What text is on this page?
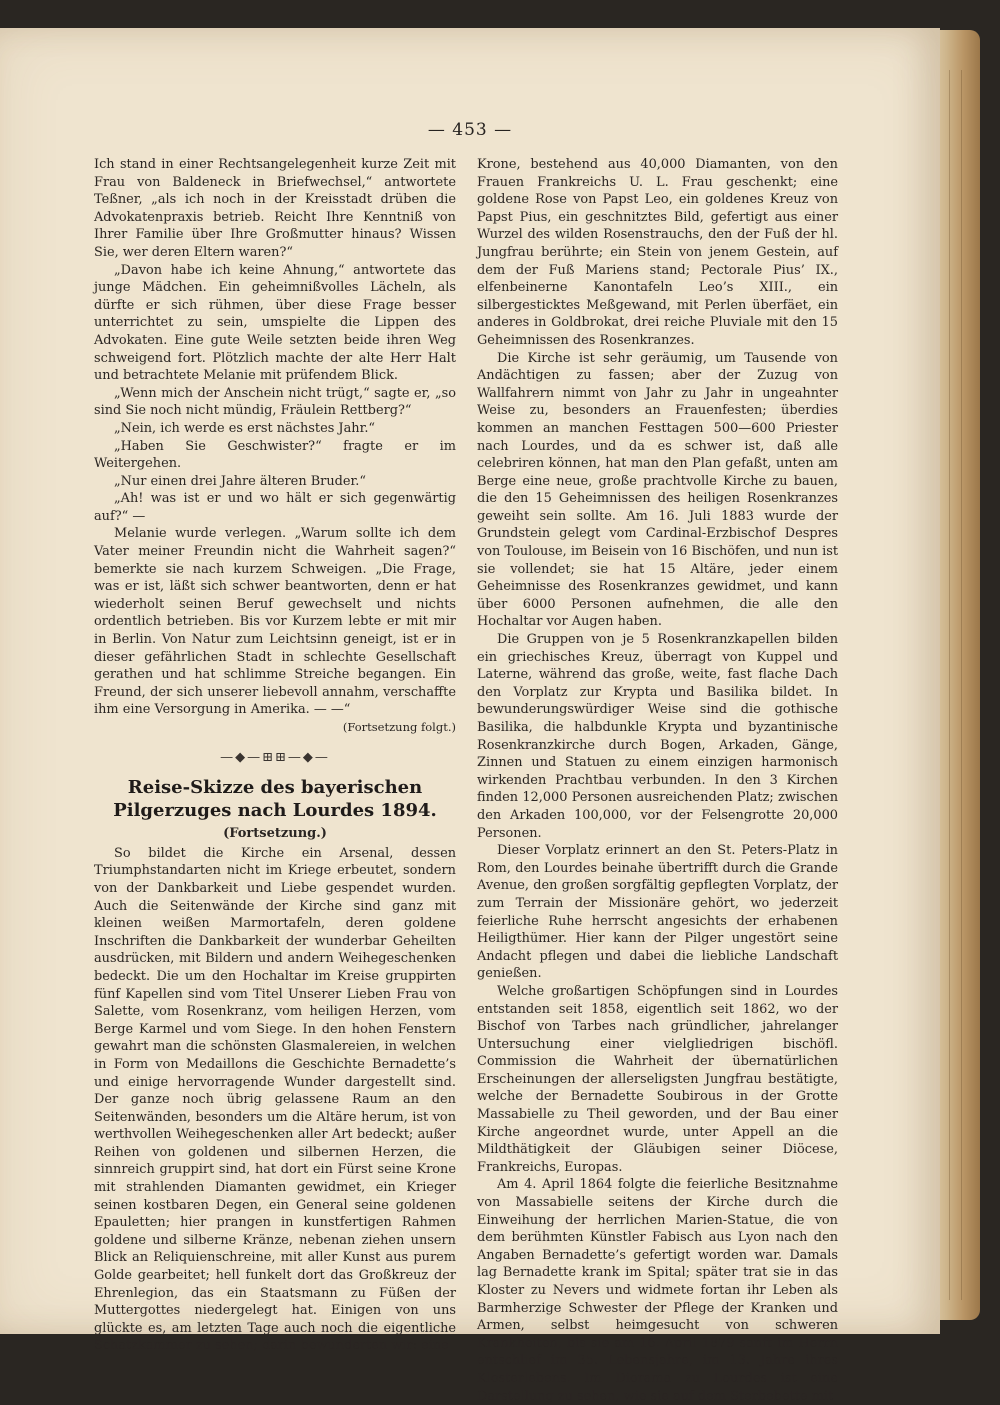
— 453 —

Ich stand in einer Rechtsangelegenheit kurze Zeit mit Frau von Baldeneck in Briefwechsel,“ antwortete Teßner, „als ich noch in der Kreisstadt drüben die Advokatenpraxis betrieb. Reicht Ihre Kenntniß von Ihrer Familie über Ihre Großmutter hinaus? Wissen Sie, wer deren Eltern waren?“

„Davon habe ich keine Ahnung,“ antwortete das junge Mädchen. Ein geheimnißvolles Lächeln, als dürfte er sich rühmen, über diese Frage besser unterrichtet zu sein, umspielte die Lippen des Advokaten. Eine gute Weile setzten beide ihren Weg schweigend fort. Plötzlich machte der alte Herr Halt und betrachtete Melanie mit prüfendem Blick.

„Wenn mich der Anschein nicht trügt,“ sagte er, „so sind Sie noch nicht mündig, Fräulein Rettberg?“

„Nein, ich werde es erst nächstes Jahr.“

„Haben Sie Geschwister?“ fragte er im Weitergehen.

„Nur einen drei Jahre älteren Bruder.“

„Ah! was ist er und wo hält er sich gegenwärtig auf?“ —

Melanie wurde verlegen. „Warum sollte ich dem Vater meiner Freundin nicht die Wahrheit sagen?“ bemerkte sie nach kurzem Schweigen. „Die Frage, was er ist, läßt sich schwer beantworten, denn er hat wiederholt seinen Beruf gewechselt und nichts ordentlich betrieben. Bis vor Kurzem lebte er mit mir in Berlin. Von Natur zum Leichtsinn geneigt, ist er in dieser gefährlichen Stadt in schlechte Gesellschaft gerathen und hat schlimme Streiche begangen. Ein Freund, der sich unserer liebevoll annahm, verschaffte ihm eine Versorgung in Amerika. — —“
(Fortsetzung folgt.)

—◆—⊞⊞—◆—
Reise-Skizze des bayerischen Pilgerzuges nach Lourdes 1894.
(Fortsetzung.)

So bildet die Kirche ein Arsenal, dessen Triumphstandarten nicht im Kriege erbeutet, sondern von der Dankbarkeit und Liebe gespendet wurden. Auch die Seitenwände der Kirche sind ganz mit kleinen weißen Marmortafeln, deren goldene Inschriften die Dankbarkeit der wunderbar Geheilten ausdrücken, mit Bildern und andern Weihegeschenken bedeckt. Die um den Hochaltar im Kreise gruppirten fünf Kapellen sind vom Titel Unserer Lieben Frau von Salette, vom Rosenkranz, vom heiligen Herzen, vom Berge Karmel und vom Siege. In den hohen Fenstern gewahrt man die schönsten Glasmalereien, in welchen in Form von Medaillons die Geschichte Bernadette’s und einige hervorragende Wunder dargestellt sind. Der ganze noch übrig gelassene Raum an den Seitenwänden, besonders um die Altäre herum, ist von werthvollen Weihegeschenken aller Art bedeckt; außer Reihen von goldenen und silbernen Herzen, die sinnreich gruppirt sind, hat dort ein Fürst seine Krone mit strahlenden Diamanten gewidmet, ein Krieger seinen kostbaren Degen, ein General seine goldenen Epauletten; hier prangen in kunstfertigen Rahmen goldene und silberne Kränze, nebenan ziehen unsern Blick an Reliquienschreine, mit aller Kunst aus purem Golde gearbeitet; hell funkelt dort das Großkreuz der Ehrenlegion, das ein Staatsmann zu Füßen der Muttergottes niedergelegt hat. Einigen von uns glückte es, am letzten Tage auch noch die eigentliche Schatzkammer zu sehen; darin bewunderten wir: eine

Krone, bestehend aus 40,000 Diamanten, von den Frauen Frankreichs U. L. Frau geschenkt; eine goldene Rose von Papst Leo, ein goldenes Kreuz von Papst Pius, ein geschnitztes Bild, gefertigt aus einer Wurzel des wilden Rosenstrauchs, den der Fuß der hl. Jungfrau berührte; ein Stein von jenem Gestein, auf dem der Fuß Mariens stand; Pectorale Pius’ IX., elfenbeinerne Kanontafeln Leo’s XIII., ein silbergesticktes Meßgewand, mit Perlen überfäet, ein anderes in Goldbrokat, drei reiche Pluviale mit den 15 Geheimnissen des Rosenkranzes.

Die Kirche ist sehr geräumig, um Tausende von Andächtigen zu fassen; aber der Zuzug von Wallfahrern nimmt von Jahr zu Jahr in ungeahnter Weise zu, besonders an Frauenfesten; überdies kommen an manchen Festtagen 500—600 Priester nach Lourdes, und da es schwer ist, daß alle celebriren können, hat man den Plan gefaßt, unten am Berge eine neue, große prachtvolle Kirche zu bauen, die den 15 Geheimnissen des heiligen Rosenkranzes geweiht sein sollte. Am 16. Juli 1883 wurde der Grundstein gelegt vom Cardinal-Erzbischof Despres von Toulouse, im Beisein von 16 Bischöfen, und nun ist sie vollendet; sie hat 15 Altäre, jeder einem Geheimnisse des Rosenkranzes gewidmet, und kann über 6000 Personen aufnehmen, die alle den Hochaltar vor Augen haben.

Die Gruppen von je 5 Rosenkranzkapellen bilden ein griechisches Kreuz, überragt von Kuppel und Laterne, während das große, weite, fast flache Dach den Vorplatz zur Krypta und Basilika bildet. In bewunderungswürdiger Weise sind die gothische Basilika, die halbdunkle Krypta und byzantinische Rosenkranzkirche durch Bogen, Arkaden, Gänge, Zinnen und Statuen zu einem einzigen harmonisch wirkenden Prachtbau verbunden. In den 3 Kirchen finden 12,000 Personen ausreichenden Platz; zwischen den Arkaden 100,000, vor der Felsengrotte 20,000 Personen.

Dieser Vorplatz erinnert an den St. Peters-Platz in Rom, den Lourdes beinahe übertrifft durch die Grande Avenue, den großen sorgfältig gepflegten Vorplatz, der zum Terrain der Missionäre gehört, wo jederzeit feierliche Ruhe herrscht angesichts der erhabenen Heiligthümer. Hier kann der Pilger ungestört seine Andacht pflegen und dabei die liebliche Landschaft genießen.

Welche großartigen Schöpfungen sind in Lourdes entstanden seit 1858, eigentlich seit 1862, wo der Bischof von Tarbes nach gründlicher, jahrelanger Untersuchung einer vielgliedrigen bischöfl. Commission die Wahrheit der übernatürlichen Erscheinungen der allerseligsten Jungfrau bestätigte, welche der Bernadette Soubirous in der Grotte Massabielle zu Theil geworden, und der Bau einer Kirche angeordnet wurde, unter Appell an die Mildthätigkeit der Gläubigen seiner Diöcese, Frankreichs, Europas.

Am 4. April 1864 folgte die feierliche Besitznahme von Massabielle seitens der Kirche durch die Einweihung der herrlichen Marien-Statue, die von dem berühmten Künstler Fabisch aus Lyon nach den Angaben Bernadette’s gefertigt worden war. Damals lag Bernadette krank im Spital; später trat sie in das Kloster zu Nevers und widmete fortan ihr Leben als Barmherzige Schwester der Pflege der Kranken und Armen, selbst heimgesucht von schweren Krankheiten, bis sie am 16. April 1879 sanft im Herrn entschlief im 35. Lebensjahre, im 13. Jahre ihres Klosterlebens. Im Diorama zu Lourdes ist eine Darstellung zu sehen, wie sie auf dem Sterbebette mit
